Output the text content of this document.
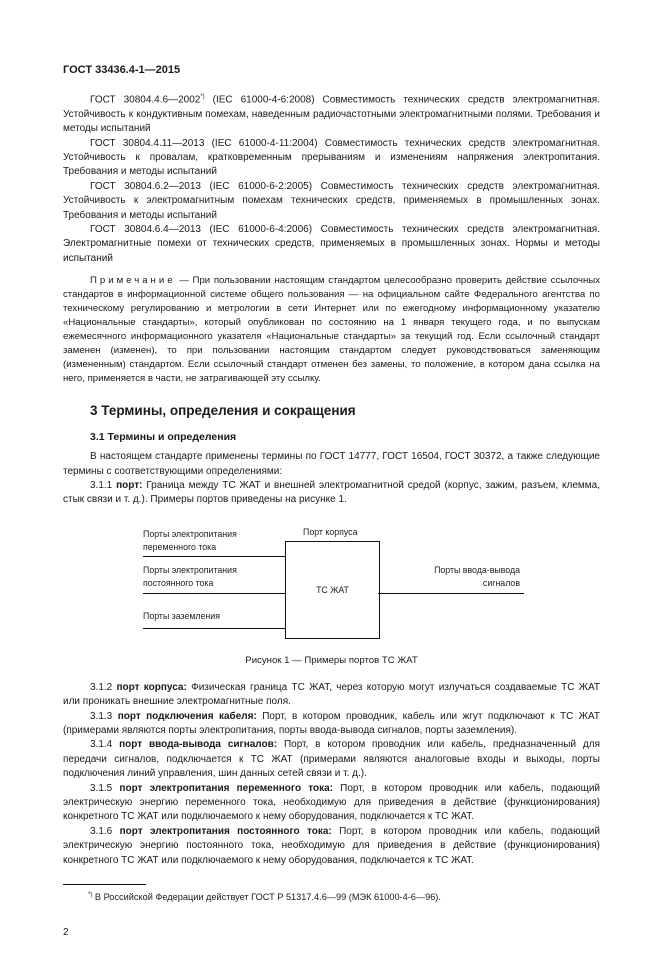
ГОСТ 33436.4-1—2015

ГОСТ 30804.4.6—2002*) (IEC 61000-4-6:2008) Совместимость технических средств электромагнитная. Устойчивость к кондуктивным помехам, наведенным радиочастотными электромагнитными полями. Требования и методы испытаний

ГОСТ 30804.4.11—2013 (IEC 61000-4-11:2004) Совместимость технических средств электромагнитная. Устойчивость к провалам, кратковременным прерываниям и изменениям напряжения электропитания. Требования и методы испытаний

ГОСТ 30804.6.2—2013 (IEC 61000-6-2:2005) Совместимость технических средств электромагнитная. Устойчивость к электромагнитным помехам технических средств, применяемых в промышленных зонах. Требования и методы испытаний

ГОСТ 30804.6.4—2013 (IEC 61000-6-4:2006) Совместимость технических средств электромагнитная. Электромагнитные помехи от технических средств, применяемых в промышленных зонах. Нормы и методы испытаний

Примечание — При пользовании настоящим стандартом целесообразно проверить действие ссылочных стандартов в информационной системе общего пользования — на официальном сайте Федерального агентства по техническому регулированию и метрологии в сети Интернет или по ежегодному информационному указателю «Национальные стандарты», который опубликован по состоянию на 1 января текущего года, и по выпускам ежемесячного информационного указателя «Национальные стандарты» за текущий год. Если ссылочный стандарт заменен (изменен), то при пользовании настоящим стандартом следует руководствоваться заменяющим (измененным) стандартом. Если ссылочный стандарт отменен без замены, то положение, в котором дана ссылка на него, применяется в части, не затрагивающей эту ссылку.

3 Термины, определения и сокращения
3.1 Термины и определения

В настоящем стандарте применены термины по ГОСТ 14777, ГОСТ 16504, ГОСТ 30372, а также следующие термины с соответствующими определениями:

3.1.1 порт: Граница между ТС ЖАТ и внешней электромагнитной средой (корпус, зажим, разъем, клемма, стык связи и т. д.). Примеры портов приведены на рисунке 1.

Порты электропитания переменного тока
Порты электропитания постоянного тока
Порты заземления
Порт корпуса
ТС ЖАТ
Порты ввода-вывода сигналов
Рисунок 1 — Примеры портов ТС ЖАТ

3.1.2 порт корпуса: Физическая граница ТС ЖАТ, через которую могут излучаться создаваемые ТС ЖАТ или проникать внешние электромагнитные поля.

3.1.3 порт подключения кабеля: Порт, в котором проводник, кабель или жгут подключают к ТС ЖАТ (примерами являются порты электропитания, порты ввода-вывода сигналов, порты заземления).

3.1.4 порт ввода-вывода сигналов: Порт, в котором проводник или кабель, предназначенный для передачи сигналов, подключается к ТС ЖАТ (примерами являются аналоговые входы и выходы, порты подключения линий управления, шин данных сетей связи и т. д.).

3.1.5 порт электропитания переменного тока: Порт, в котором проводник или кабель, подающий электрическую энергию переменного тока, необходимую для приведения в действие (функционирования) конкретного ТС ЖАТ или подключаемого к нему оборудования, подключается к ТС ЖАТ.

3.1.6 порт электропитания постоянного тока: Порт, в котором проводник или кабель, подающий электрическую энергию постоянного тока, необходимую для приведения в действие (функционирования) конкретного ТС ЖАТ или подключаемого к нему оборудования, подключается к ТС ЖАТ.

*) В Российской Федерации действует ГОСТ Р 51317.4.6—99 (МЭК 61000-4-6—96).
2
